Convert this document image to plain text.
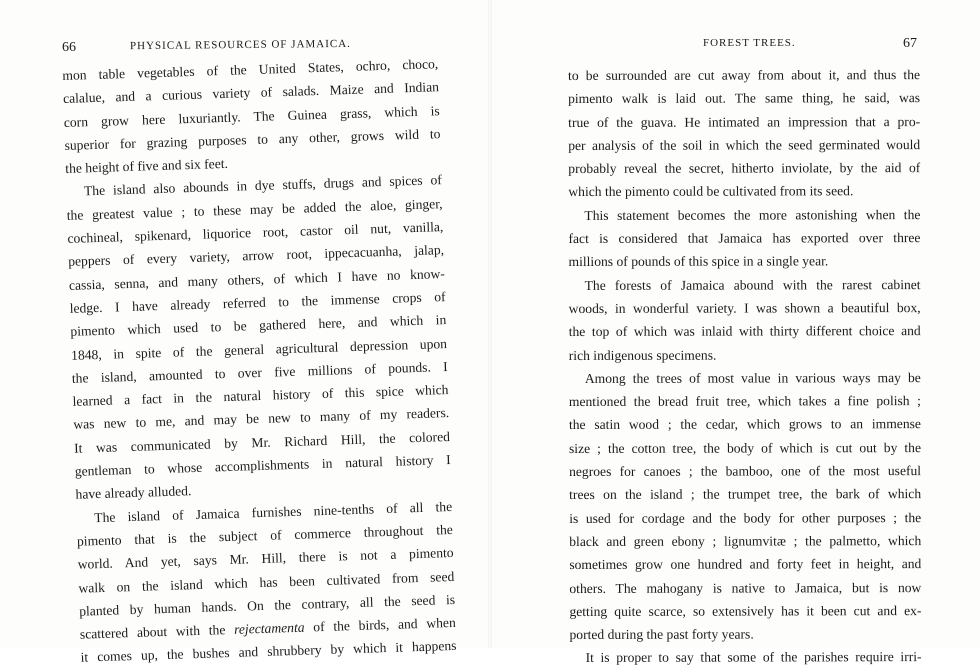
66	PHYSICAL RESOURCES OF JAMAICA.

mon table vegetables of the United States, ochro, choco,
calalue, and a curious variety of salads. Maize and Indian
corn grow here luxuriantly. The Guinea grass, which is
superior for grazing purposes to any other, grows wild to
the height of five and six feet.

The island also abounds in dye stuffs, drugs and spices of
the greatest value ; to these may be added the aloe, ginger,
cochineal, spikenard, liquorice root, castor oil nut, vanilla,
peppers of every variety, arrow root, ippecacuanha, jalap,
cassia, senna, and many others, of which I have no know-
ledge. I have already referred to the immense crops of
pimento which used to be gathered here, and which in
1848, in spite of the general agricultural depression upon
the island, amounted to over five millions of pounds. I
learned a fact in the natural history of this spice which
was new to me, and may be new to many of my readers.
It was communicated by Mr. Richard Hill, the colored
gentleman to whose accomplishments in natural history I
have already alluded.

The island of Jamaica furnishes nine-tenths of all the
pimento that is the subject of commerce throughout the
world. And yet, says Mr. Hill, there is not a pimento
walk on the island which has been cultivated from seed
planted by human hands. On the contrary, all the seed is
scattered about with the rejectamenta of the birds, and when
it comes up, the bushes and shrubbery by which it happens

FOREST TREES.	67

to be surrounded are cut away from about it, and thus the
pimento walk is laid out. The same thing, he said, was
true of the guava. He intimated an impression that a pro-
per analysis of the soil in which the seed germinated would
probably reveal the secret, hitherto inviolate, by the aid of
which the pimento could be cultivated from its seed.

This statement becomes the more astonishing when the
fact is considered that Jamaica has exported over three
millions of pounds of this spice in a single year.

The forests of Jamaica abound with the rarest cabinet
woods, in wonderful variety. I was shown a beautiful box,
the top of which was inlaid with thirty different choice and
rich indigenous specimens.

Among the trees of most value in various ways may be
mentioned the bread fruit tree, which takes a fine polish ;
the satin wood ; the cedar, which grows to an immense
size ; the cotton tree, the body of which is cut out by the
negroes for canoes ; the bamboo, one of the most useful
trees on the island ; the trumpet tree, the bark of which
is used for cordage and the body for other purposes ; the
black and green ebony ; lignumvitæ ; the palmetto, which
sometimes grow one hundred and forty feet in height, and
others. The mahogany is native to Jamaica, but is now
getting quite scarce, so extensively has it been cut and ex-
ported during the past forty years.

It is proper to say that some of the parishes require irri-
